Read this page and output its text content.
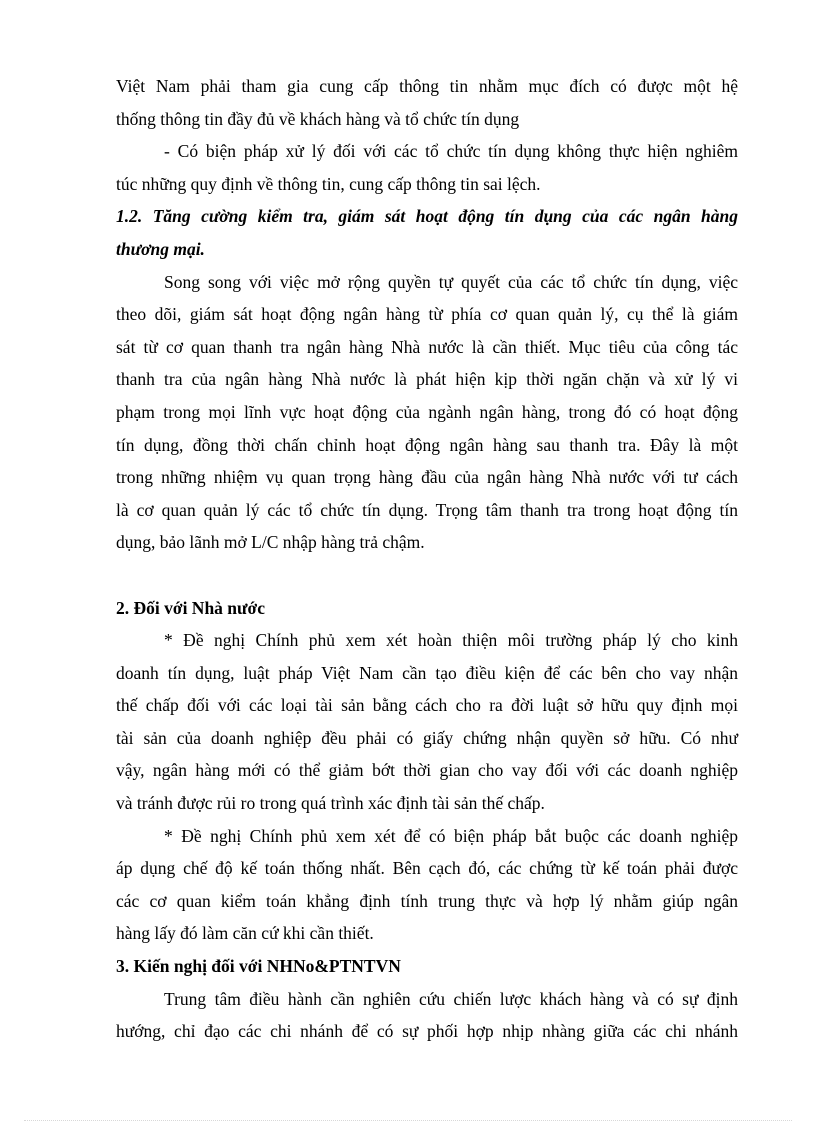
Việt Nam phải tham gia cung cấp thông tin nhằm mục đích có được một hệ
thống thông tin đầy đủ về khách hàng và tổ chức tín dụng
- Có biện pháp xử lý đối với các tổ chức tín dụng không thực hiện nghiêm
túc những quy định về thông tin, cung cấp thông tin sai lệch.
1.2. Tăng cường kiểm tra, giám sát hoạt động tín dụng của các ngân hàng
thương mại.
Song song với việc mở rộng quyền tự quyết của các tổ chức tín dụng, việc
theo dõi, giám sát hoạt động ngân hàng từ phía cơ quan quản lý, cụ thể là giám
sát từ cơ quan thanh tra ngân hàng Nhà nước là cần thiết. Mục tiêu của công tác
thanh tra của ngân hàng Nhà nước là phát hiện kịp thời ngăn chặn và xử lý vi
phạm trong mọi lĩnh vực hoạt động của ngành ngân hàng, trong đó có hoạt động
tín dụng, đồng thời chấn chỉnh hoạt động ngân hàng sau thanh tra. Đây là một
trong những nhiệm vụ quan trọng hàng đầu của ngân hàng Nhà nước với tư cách
là cơ quan quản lý các tổ chức tín dụng. Trọng tâm thanh tra trong hoạt động tín
dụng, bảo lãnh mở L/C nhập hàng trả chậm.
2. Đối với Nhà nước
* Đề nghị Chính phủ xem xét hoàn thiện môi trường pháp lý cho kinh
doanh tín dụng, luật pháp Việt Nam cần tạo điều kiện để các bên cho vay nhận
thế chấp đối với các loại tài sản bằng cách cho ra đời luật sở hữu quy định mọi
tài sản của doanh nghiệp đều phải có giấy chứng nhận quyền sở hữu. Có như
vậy, ngân hàng mới có thể giảm bớt thời gian cho vay đối với các doanh nghiệp
và tránh được rủi ro trong quá trình xác định tài sản thế chấp.
* Đề nghị Chính phủ xem xét để có biện pháp bắt buộc các doanh nghiệp
áp dụng chế độ kế toán thống nhất. Bên cạch đó, các chứng từ kế toán phải được
các cơ quan kiểm toán khẳng định tính trung thực và hợp lý nhằm giúp ngân
hàng lấy đó làm căn cứ khi cần thiết.
3. Kiến nghị đối với NHNo&PTNTVN
Trung tâm điều hành cần nghiên cứu chiến lược khách hàng và có sự định
hướng, chỉ đạo các chi nhánh để có sự phối hợp nhịp nhàng giữa các chi nhánh
